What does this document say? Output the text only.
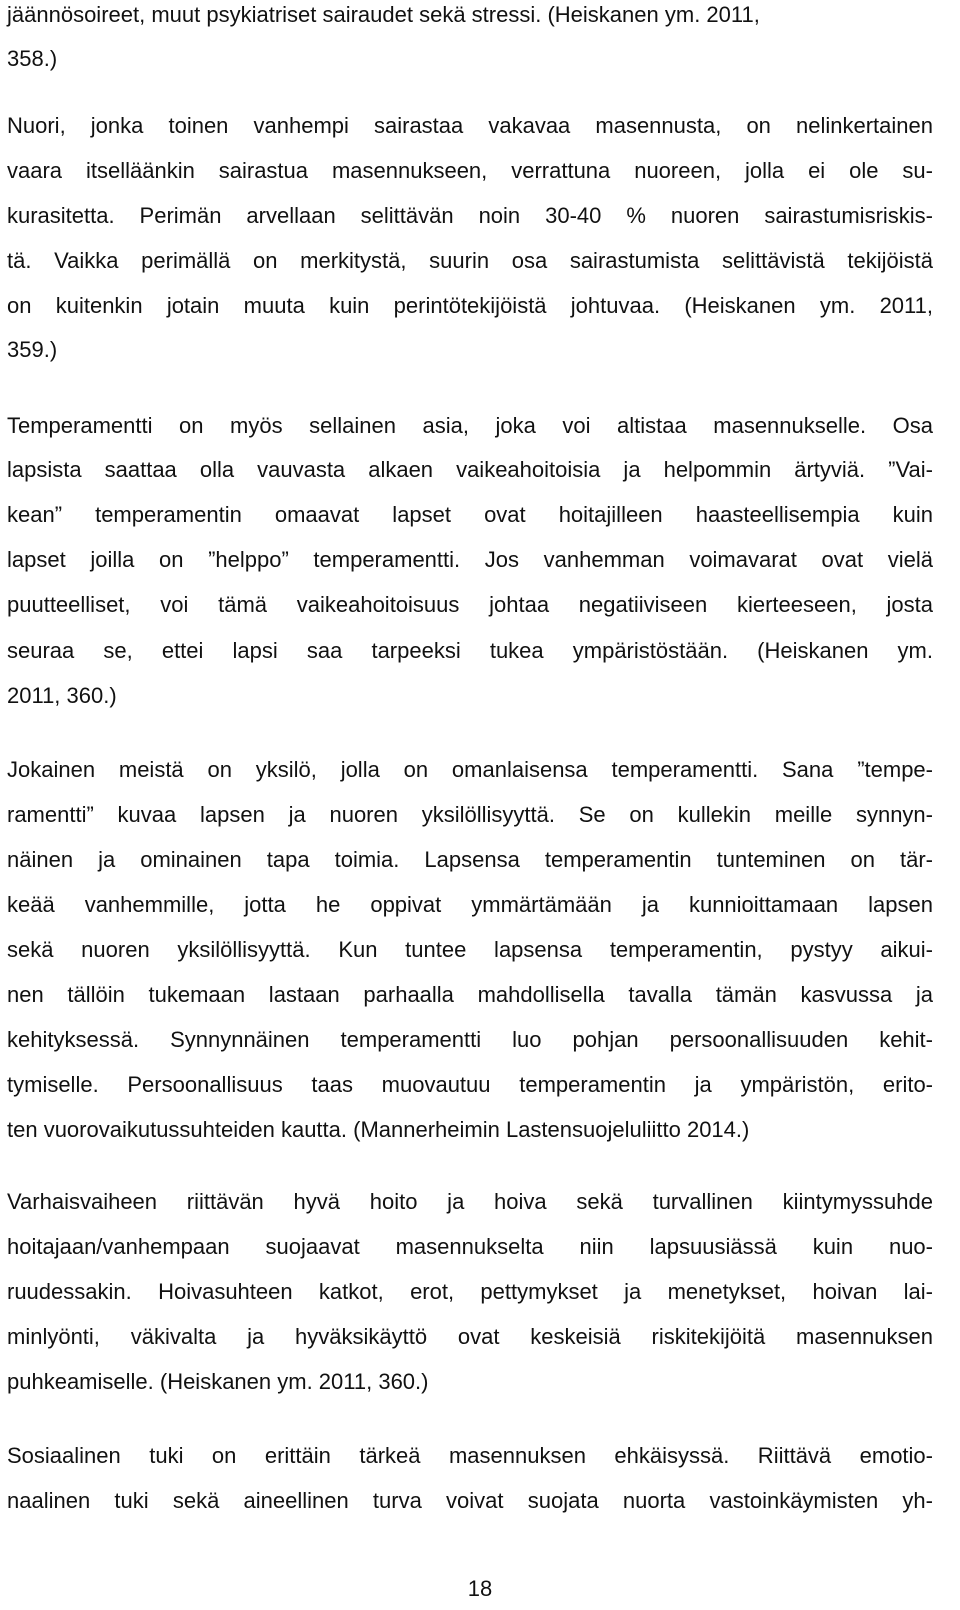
jäännösoireet, muut psykiatriset sairaudet sekä stressi. (Heiskanen ym. 2011,
358.)
Nuori, jonka toinen vanhempi sairastaa vakavaa masennusta, on nelinkertainen
vaara itselläänkin sairastua masennukseen, verrattuna nuoreen, jolla ei ole su-
kurasitetta. Perimän arvellaan selittävän noin 30-40 % nuoren sairastumisriskis-
tä. Vaikka perimällä on merkitystä, suurin osa sairastumista selittävistä tekijöistä
on kuitenkin jotain muuta kuin perintötekijöistä johtuvaa. (Heiskanen ym. 2011,
359.)
Temperamentti on myös sellainen asia, joka voi altistaa masennukselle. Osa
lapsista saattaa olla vauvasta alkaen vaikeahoitoisia ja helpommin ärtyviä. ”Vai-
kean” temperamentin omaavat lapset ovat hoitajilleen haasteellisempia kuin
lapset joilla on ”helppo” temperamentti. Jos vanhemman voimavarat ovat vielä
puutteelliset, voi tämä vaikeahoitoisuus johtaa negatiiviseen kierteeseen, josta
seuraa se, ettei lapsi saa tarpeeksi tukea ympäristöstään. (Heiskanen ym.
2011, 360.)
Jokainen meistä on yksilö, jolla on omanlaisensa temperamentti. Sana ”tempe-
ramentti” kuvaa lapsen ja nuoren yksilöllisyyttä. Se on kullekin meille synnyn-
näinen ja ominainen tapa toimia. Lapsensa temperamentin tunteminen on tär-
keää vanhemmille, jotta he oppivat ymmärtämään ja kunnioittamaan lapsen
sekä nuoren yksilöllisyyttä. Kun tuntee lapsensa temperamentin, pystyy aikui-
nen tällöin tukemaan lastaan parhaalla mahdollisella tavalla tämän kasvussa ja
kehityksessä. Synnynnäinen temperamentti luo pohjan persoonallisuuden kehit-
tymiselle. Persoonallisuus taas muovautuu temperamentin ja ympäristön, erito-
ten vuorovaikutussuhteiden kautta. (Mannerheimin Lastensuojeluliitto 2014.)
Varhaisvaiheen riittävän hyvä hoito ja hoiva sekä turvallinen kiintymyssuhde
hoitajaan/vanhempaan suojaavat masennukselta niin lapsuusiässä kuin nuo-
ruudessakin. Hoivasuhteen katkot, erot, pettymykset ja menetykset, hoivan lai-
minlyönti, väkivalta ja hyväksikäyttö ovat keskeisiä riskitekijöitä masennuksen
puhkeamiselle. (Heiskanen ym. 2011, 360.)
Sosiaalinen tuki on erittäin tärkeä masennuksen ehkäisyssä. Riittävä emotio-
naalinen tuki sekä aineellinen turva voivat suojata nuorta vastoinkäymisten yh-
18
